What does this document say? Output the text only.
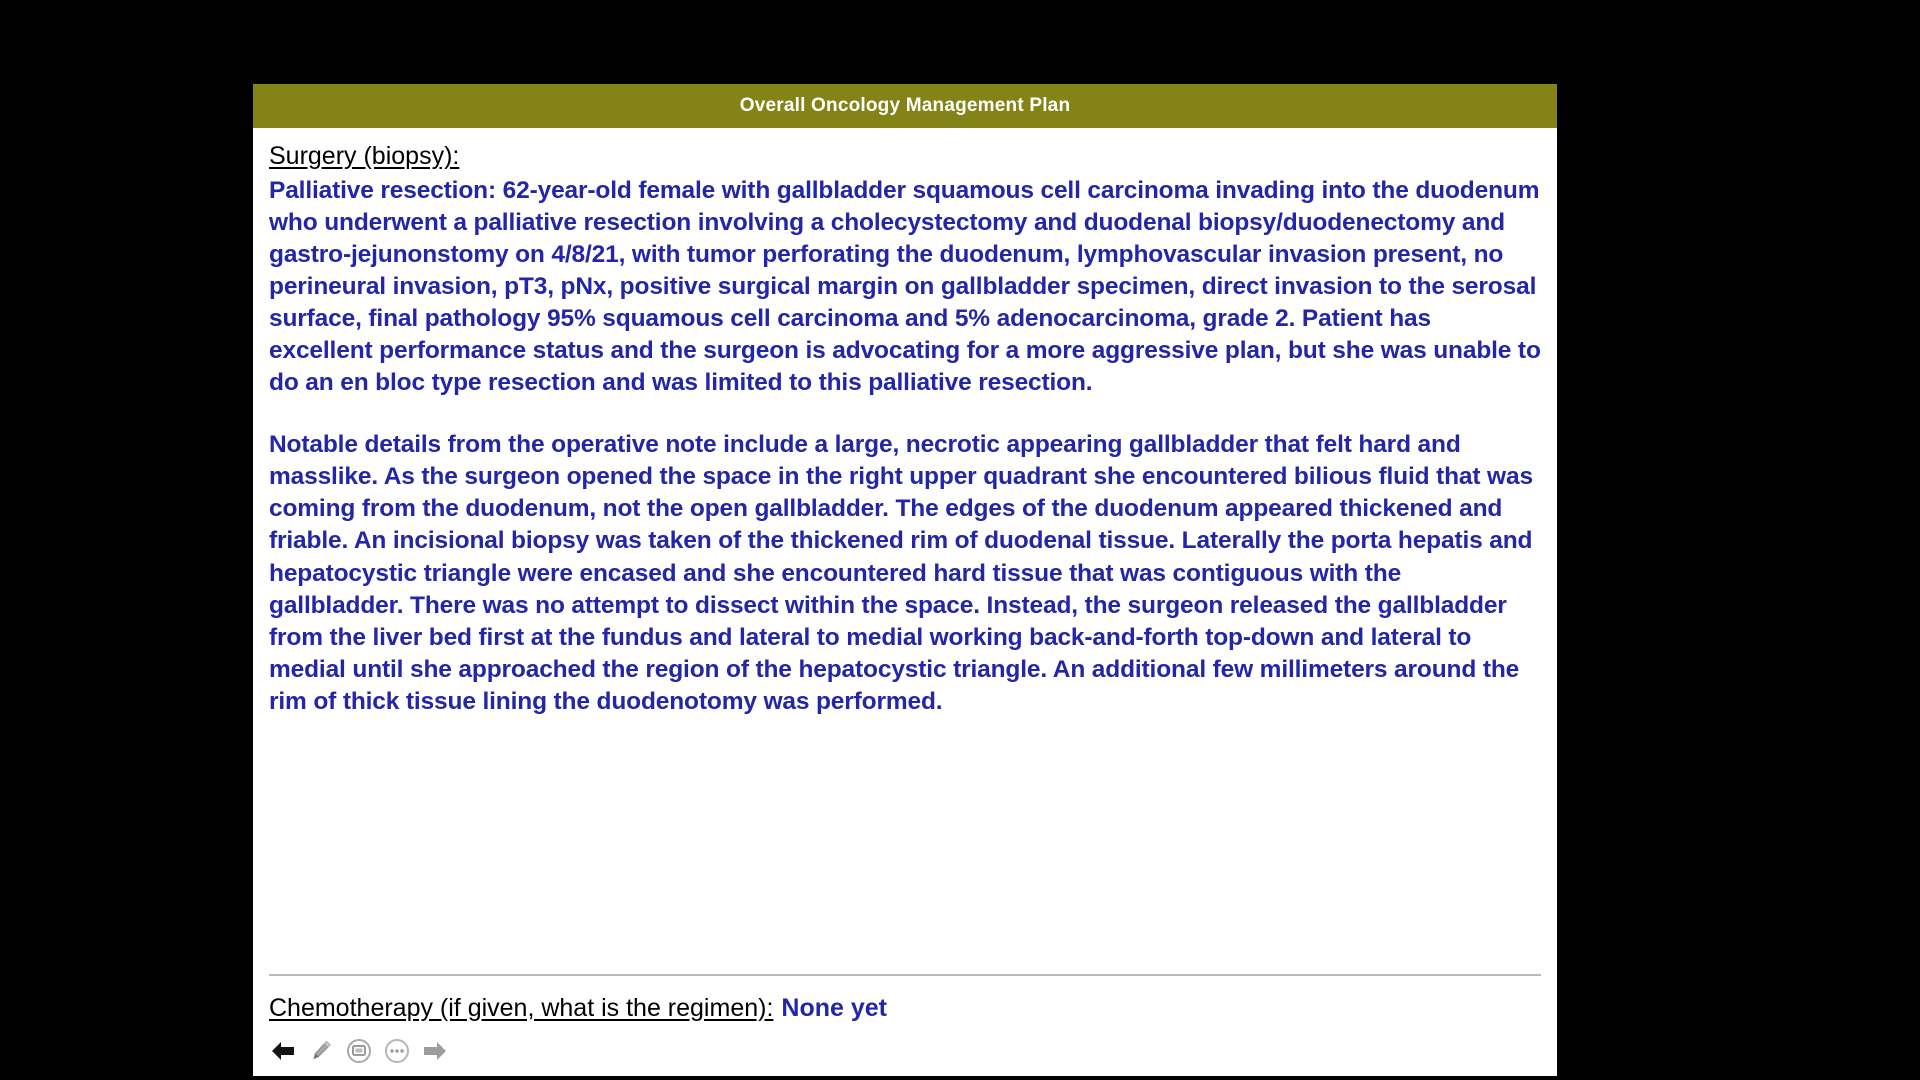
Overall Oncology Management Plan
Surgery (biopsy):

Palliative resection: 62-year-old female with gallbladder squamous cell carcinoma invading into the duodenum who underwent a palliative resection involving a cholecystectomy and duodenal biopsy/duodenectomy and gastro-jejunonstomy on 4/8/21, with tumor perforating the duodenum, lymphovascular invasion present, no perineural invasion, pT3, pNx, positive surgical margin on gallbladder specimen, direct invasion to the serosal surface, final pathology 95% squamous cell carcinoma and 5% adenocarcinoma, grade 2. Patient has excellent performance status and the surgeon is advocating for a more aggressive plan, but she was unable to do an en bloc type resection and was limited to this palliative resection.

Notable details from the operative note include a large, necrotic appearing gallbladder that felt hard and masslike. As the surgeon opened the space in the right upper quadrant she encountered bilious fluid that was coming from the duodenum, not the open gallbladder. The edges of the duodenum appeared thickened and friable. An incisional biopsy was taken of the thickened rim of duodenal tissue. Laterally the porta hepatis and hepatocystic triangle were encased and she encountered hard tissue that was contiguous with the gallbladder. There was no attempt to dissect within the space. Instead, the surgeon released the gallbladder from the liver bed first at the fundus and lateral to medial working back-and-forth top-down and lateral to medial until she approached the region of the hepatocystic triangle. An additional few millimeters around the rim of thick tissue lining the duodenotomy was performed.

Chemotherapy (if given, what is the regimen): None yet
